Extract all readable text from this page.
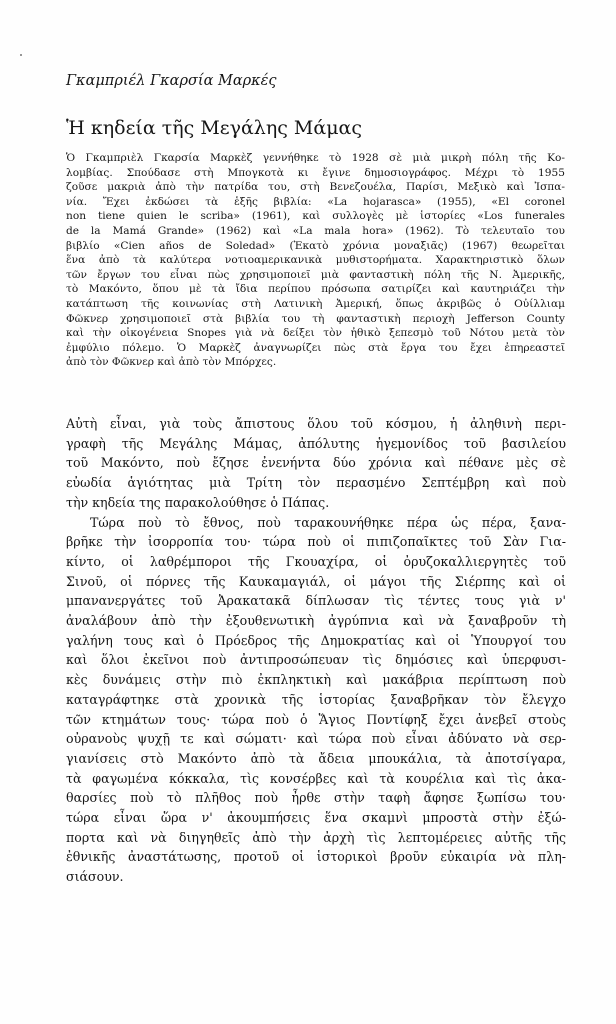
Γκαμπριέλ Γκαρσία Μαρκές
Ἡ κηδεία τῆς Μεγάλης Μάμας
Ὁ Γκαμπριὲλ Γκαρσία Μαρκὲζ γεννήθηκε τὸ 1928 σὲ μιὰ μικρὴ πόλη τῆς Κο-
λομβίας. Σπούδασε στὴ Μπογκοτὰ κι ἔγινε δημοσιογράφος. Μέχρι τὸ 1955
ζοῦσε μακριὰ ἀπὸ τὴν πατρίδα του, στὴ Βενεζουέλα, Παρίσι, Μεξικὸ καὶ Ἰσπα-
νία. Ἔχει ἐκδώσει τὰ ἑξῆς βιβλία: «La hojarasca» (1955), «El coronel
non tiene quien le scriba» (1961), καὶ συλλογὲς μὲ ἱστορίες «Los funerales
de la Mamá Grande» (1962) καὶ «La mala hora» (1962). Τὸ τελευταῖο του
βιβλίο «Cien años de Soledad» (Ἑκατὸ χρόνια μοναξιᾶς) (1967) θεωρεῖται
ἕνα ἀπὸ τὰ καλύτερα νοτιοαμερικανικὰ μυθιστορήματα. Χαρακτηριστικὸ ὅλων
τῶν ἔργων του εἶναι πὼς χρησιμοποιεῖ μιὰ φανταστικὴ πόλη τῆς Ν. Ἀμερικῆς,
τὸ Μακόντο, ὅπου μὲ τὰ ἴδια περίπου πρόσωπα σατιρίζει καὶ καυτηριάζει τὴν
κατάπτωση τῆς κοινωνίας στὴ Λατινικὴ Ἀμερική, ὅπως ἀκριβῶς ὁ Οὐίλλιαμ
Φῶκνερ χρησιμοποιεῖ στὰ βιβλία του τὴ φανταστικὴ περιοχὴ Jefferson County
καὶ τὴν οἰκογένεια Snopes γιὰ νὰ δείξει τὸν ἠθικὸ ξεπεσμὸ τοῦ Νότου μετὰ τὸν
ἐμφύλιο πόλεμο. Ὁ Μαρκὲζ ἀναγνωρίζει πὼς στὰ ἔργα του ἔχει ἐπηρεαστεῖ
ἀπὸ τὸν Φῶκνερ καὶ ἀπὸ τὸν Μπόρχες.
Αὐτὴ εἶναι, γιὰ τοὺς ἄπιστους ὅλου τοῦ κόσμου, ἡ ἀληθινὴ περι-
γραφὴ τῆς Μεγάλης Μάμας, ἀπόλυτης ἡγεμονίδος τοῦ βασιλείου
τοῦ Μακόντο, ποὺ ἔζησε ἐνενήντα δύο χρόνια καὶ πέθανε μὲς σὲ
εὐωδία ἁγιότητας μιὰ Τρίτη τὸν περασμένο Σεπτέμβρη καὶ ποὺ
τὴν κηδεία της παρακολούθησε ὁ Πάπας.
Τώρα ποὺ τὸ ἔθνος, ποὺ ταρακουνήθηκε πέρα ὡς πέρα, ξανα-
βρῆκε τὴν ἰσορροπία του· τώρα ποὺ οἱ πιπιζοπαῖκτες τοῦ Σὰν Για-
κίντο, οἱ λαθρέμποροι τῆς Γκουαχίρα, οἱ ὀρυζοκαλλιεργητὲς τοῦ
Σινοῦ, οἱ πόρνες τῆς Καυκαμαγιάλ, οἱ μάγοι τῆς Σιέρπης καὶ οἱ
μπανανεργάτες τοῦ Ἀρακατακᾶ δίπλωσαν τὶς τέντες τους γιὰ ν'
ἀναλάβουν ἀπὸ τὴν ἐξουθενωτικὴ ἀγρύπνια καὶ νὰ ξαναβροῦν τὴ
γαλήνη τους καὶ ὁ Πρόεδρος τῆς Δημοκρατίας καὶ οἱ Ὑπουργοί του
καὶ ὅλοι ἐκεῖνοι ποὺ ἀντιπροσώπευαν τὶς δημόσιες καὶ ὑπερφυσι-
κὲς δυνάμεις στὴν πιὸ ἐκπληκτικὴ καὶ μακάβρια περίπτωση ποὺ
καταγράφτηκε στὰ χρονικὰ τῆς ἱστορίας ξαναβρῆκαν τὸν ἔλεγχο
τῶν κτημάτων τους· τώρα ποὺ ὁ Ἅγιος Ποντίφηξ ἔχει ἀνεβεῖ στοὺς
οὐρανοὺς ψυχῇ τε καὶ σώματι· καὶ τώρα ποὺ εἶναι ἀδύνατο νὰ σερ-
γιανίσεις στὸ Μακόντο ἀπὸ τὰ ἄδεια μπουκάλια, τὰ ἀποτσίγαρα,
τὰ φαγωμένα κόκκαλα, τὶς κονσέρβες καὶ τὰ κουρέλια καὶ τὶς ἀκα-
θαρσίες ποὺ τὸ πλῆθος ποὺ ἦρθε στὴν ταφὴ ἄφησε ξωπίσω του·
τώρα εἶναι ὥρα ν' ἀκουμπήσεις ἕνα σκαμνὶ μπροστὰ στὴν ἐξώ-
πορτα καὶ νὰ διηγηθεῖς ἀπὸ τὴν ἀρχὴ τὶς λεπτομέρειες αὐτῆς τῆς
ἐθνικῆς ἀναστάτωσης, προτοῦ οἱ ἱστορικοὶ βροῦν εὐκαιρία νὰ πλη-
σιάσουν.
